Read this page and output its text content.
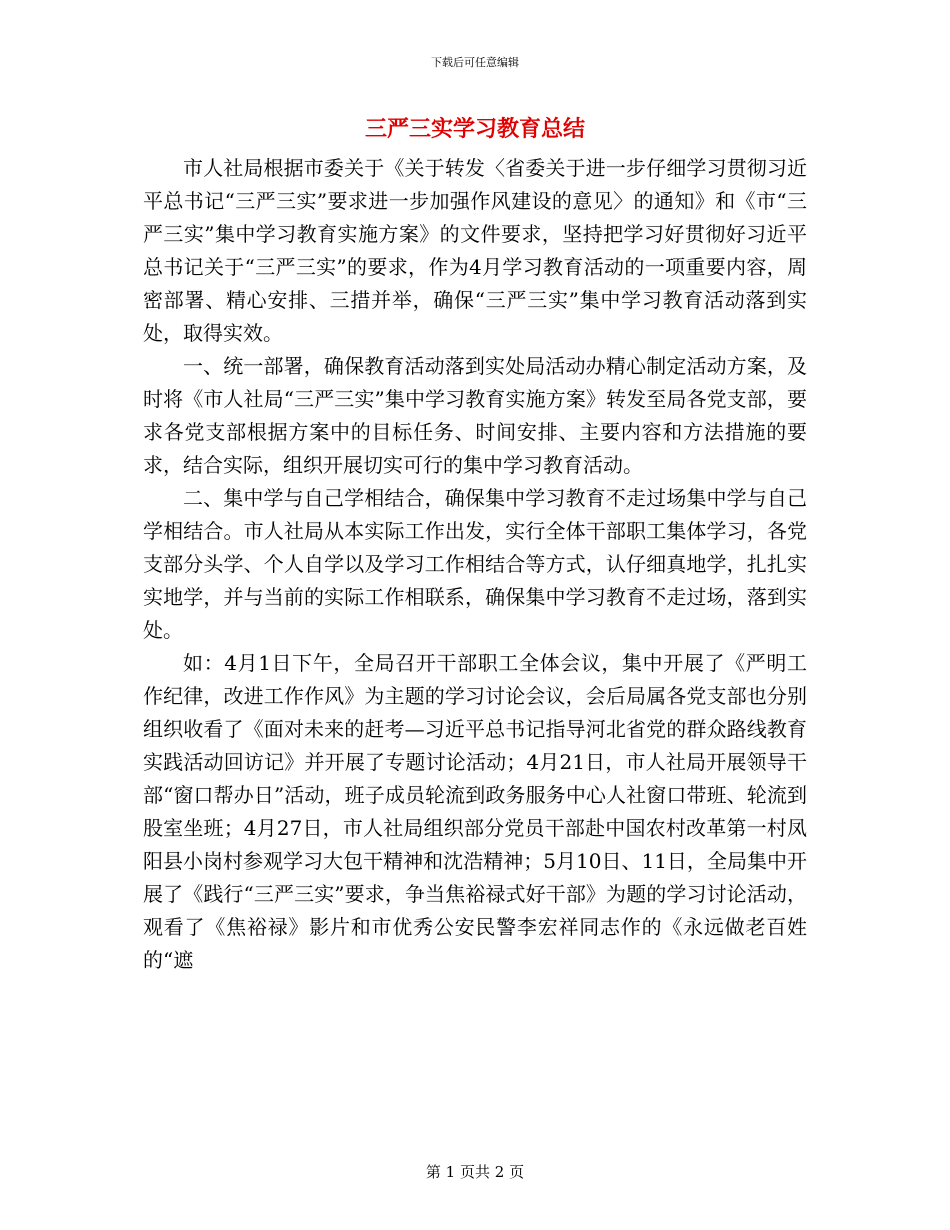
下载后可任意编辑
三严三实学习教育总结

市人社局根据市委关于《关于转发〈省委关于进一步仔细学习贯彻习近平总书记“三严三实”要求进一步加强作风建设的意见〉的通知》和《市“三严三实”集中学习教育实施方案》的文件要求，坚持把学习好贯彻好习近平总书记关于“三严三实”的要求，作为4月学习教育活动的一项重要内容，周密部署、精心安排、三措并举，确保“三严三实”集中学习教育活动落到实处，取得实效。

一、统一部署，确保教育活动落到实处局活动办精心制定活动方案，及时将《市人社局“三严三实”集中学习教育实施方案》转发至局各党支部，要求各党支部根据方案中的目标任务、时间安排、主要内容和方法措施的要求，结合实际，组织开展切实可行的集中学习教育活动。

二、集中学与自己学相结合，确保集中学习教育不走过场集中学与自己学相结合。市人社局从本实际工作出发，实行全体干部职工集体学习，各党支部分头学、个人自学以及学习工作相结合等方式，认仔细真地学，扎扎实实地学，并与当前的实际工作相联系，确保集中学习教育不走过场，落到实处。

如：4月1日下午，全局召开干部职工全体会议，集中开展了《严明工作纪律，改进工作作风》为主题的学习讨论会议，会后局属各党支部也分别组织收看了《面对未来的赶考—习近平总书记指导河北省党的群众路线教育实践活动回访记》并开展了专题讨论活动；4月21日，市人社局开展领导干部“窗口帮办日”活动，班子成员轮流到政务服务中心人社窗口带班、轮流到股室坐班；4月27日，市人社局组织部分党员干部赴中国农村改革第一村凤阳县小岗村参观学习大包干精神和沈浩精神；5月10日、11日，全局集中开展了《践行“三严三实”要求，争当焦裕禄式好干部》为题的学习讨论活动，观看了《焦裕禄》影片和市优秀公安民警李宏祥同志作的《永远做老百姓的“遮

第 1 页共 2 页
